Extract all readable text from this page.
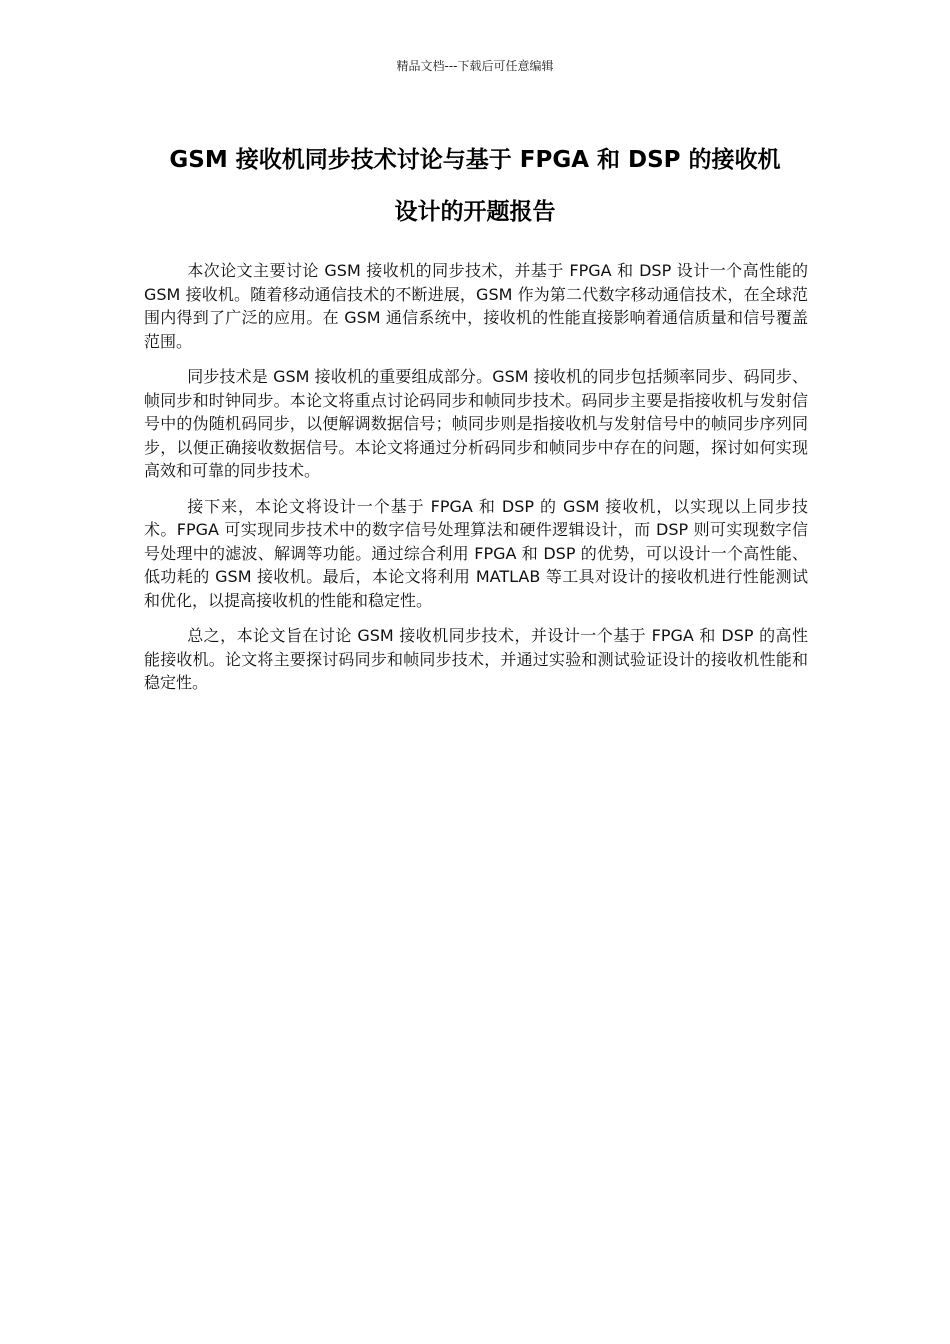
精品文档---下载后可任意编辑
GSM 接收机同步技术讨论与基于 FPGA 和 DSP 的接收机
设计的开题报告

本次论文主要讨论 GSM 接收机的同步技术，并基于 FPGA 和 DSP 设计一个高性能的 GSM 接收机。随着移动通信技术的不断进展，GSM 作为第二代数字移动通信技术，在全球范围内得到了广泛的应用。在 GSM 通信系统中，接收机的性能直接影响着通信质量和信号覆盖范围。

同步技术是 GSM 接收机的重要组成部分。GSM 接收机的同步包括频率同步、码同步、帧同步和时钟同步。本论文将重点讨论码同步和帧同步技术。码同步主要是指接收机与发射信号中的伪随机码同步，以便解调数据信号；帧同步则是指接收机与发射信号中的帧同步序列同步，以便正确接收数据信号。本论文将通过分析码同步和帧同步中存在的问题，探讨如何实现高效和可靠的同步技术。

接下来，本论文将设计一个基于 FPGA 和 DSP 的 GSM 接收机，以实现以上同步技术。FPGA 可实现同步技术中的数字信号处理算法和硬件逻辑设计，而 DSP 则可实现数字信号处理中的滤波、解调等功能。通过综合利用 FPGA 和 DSP 的优势，可以设计一个高性能、低功耗的 GSM 接收机。最后，本论文将利用 MATLAB 等工具对设计的接收机进行性能测试和优化，以提高接收机的性能和稳定性。

总之，本论文旨在讨论 GSM 接收机同步技术，并设计一个基于 FPGA 和 DSP 的高性能接收机。论文将主要探讨码同步和帧同步技术，并通过实验和测试验证设计的接收机性能和稳定性。
